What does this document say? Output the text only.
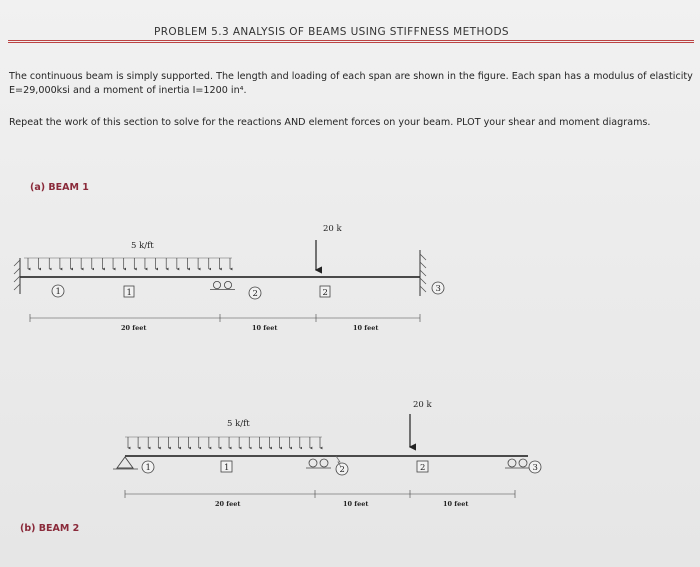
PROBLEM 5.3 ANALYSIS OF BEAMS USING STIFFNESS METHODS
The continuous beam is simply supported. The length and loading of each span are shown in the figure. Each span has a modulus of elasticity E=29,000ksi and a moment of inertia I=1200 in⁴.
Repeat the work of this section to solve for the reactions AND element forces on your beam. PLOT your shear and moment diagrams.
(a) BEAM 1
(b) BEAM 2
5 k/ft
20 k
1	2	3
1	2
20 feet	10 feet	10 feet
5 k/ft
20 k
1	2	3
1	2
20 feet	10 feet	10 feet
